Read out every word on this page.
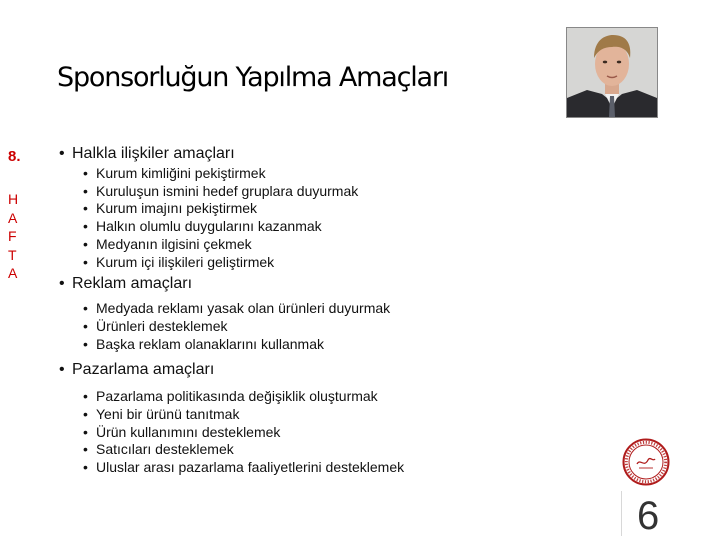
Sponsorluğun Yapılma Amaçları
8.
H
A
F
T
A
• Halkla ilişkiler amaçları
• Kurum kimliğini pekiştirmek
• Kuruluşun ismini hedef gruplara duyurmak
• Kurum imajını pekiştirmek
• Halkın olumlu duygularını kazanmak
• Medyanın ilgisini çekmek
• Kurum içi ilişkileri geliştirmek
• Reklam amaçları
• Medyada reklamı yasak olan ürünleri duyurmak
• Ürünleri desteklemek
• Başka reklam olanaklarını kullanmak
• Pazarlama amaçları
• Pazarlama politikasında değişiklik oluşturmak
• Yeni bir ürünü tanıtmak
• Ürün kullanımını desteklemek
• Satıcıları desteklemek
• Uluslar arası pazarlama faaliyetlerini desteklemek
6
